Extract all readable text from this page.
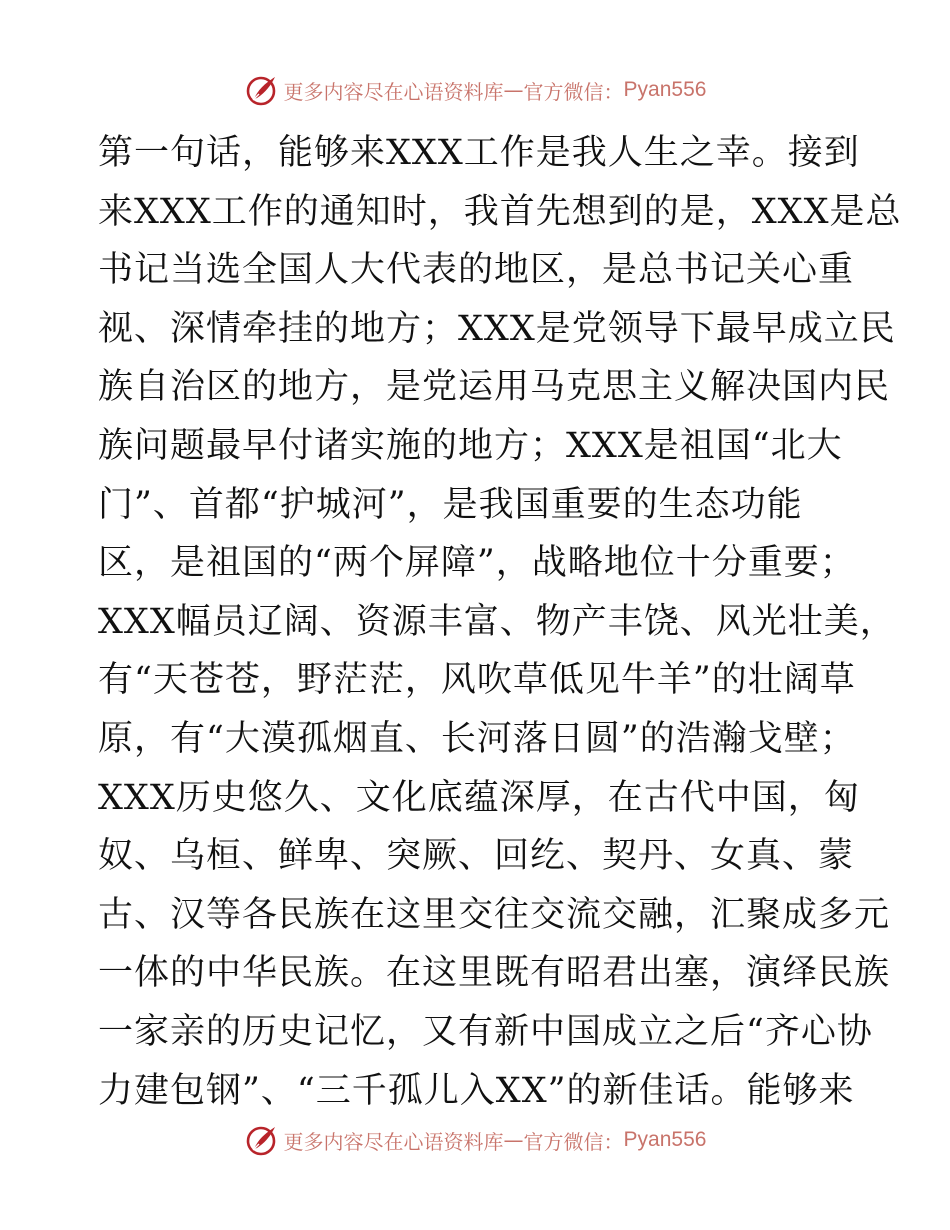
更多内容尽在心语资料库 — 官方微信： Pyan556
第一句话，能够来XXX工作是我人生之幸。接到
来XXX工作的通知时，我首先想到的是，XXX是总
书记当选全国人大代表的地区，是总书记关心重
视、深情牵挂的地方；XXX是党领导下最早成立民
族自治区的地方，是党运用马克思主义解决国内民
族问题最早付诸实施的地方；XXX是祖国“北大
门”、首都“护城河”，是我国重要的生态功能
区，是祖国的“两个屏障”，战略地位十分重要；
XXX幅员辽阔、资源丰富、物产丰饶、风光壮美，
有“天苍苍，野茫茫，风吹草低见牛羊”的壮阔草
原，有“大漠孤烟直、长河落日圆”的浩瀚戈壁；
XXX历史悠久、文化底蕴深厚，在古代中国，匈
奴、乌桓、鲜卑、突厥、回纥、契丹、女真、蒙
古、汉等各民族在这里交往交流交融，汇聚成多元
一体的中华民族。在这里既有昭君出塞，演绎民族
一家亲的历史记忆，又有新中国成立之后“齐心协
力建包钢”、“三千孤儿入XX”的新佳话。能够来
更多内容尽在心语资料库 — 官方微信： Pyan556
